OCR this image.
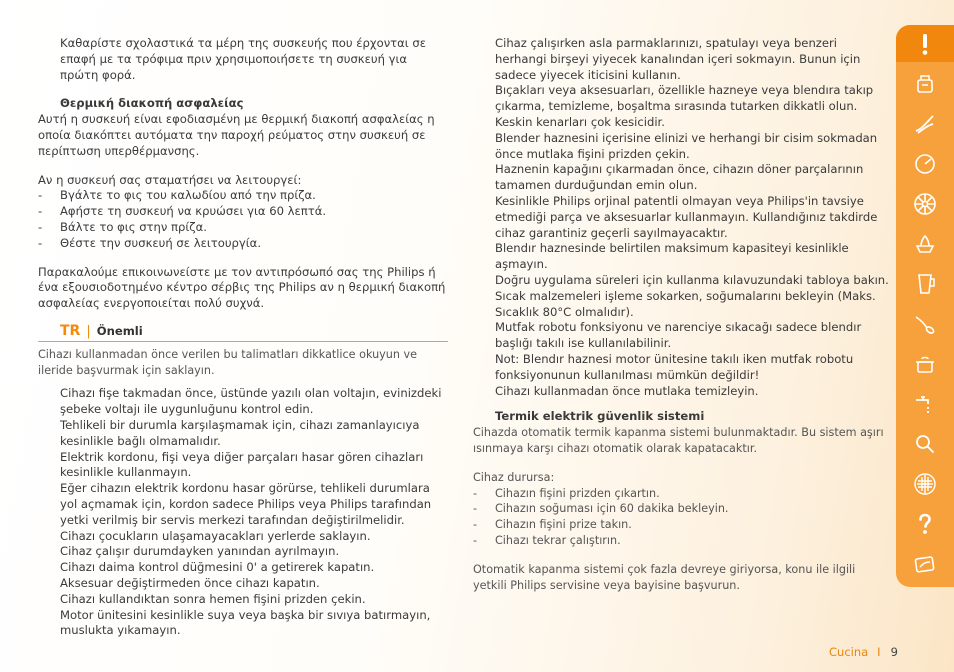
Καθαρίστε σχολαστικά τα μέρη της συσκευής που έρχονται σε επαφή με τα τρόφιμα πριν χρησιμοποιήσετε τη συσκευή για πρώτη φορά.

Θερμική διακοπή ασφαλείας

Αυτή η συσκευή είναι εφοδιασμένη με θερμική διακοπή ασφαλείας η οποία διακόπτει αυτόματα την παροχή ρεύματος στην συσκευή σε περίπτωση υπερθέρμανσης.

Αν η συσκευή σας σταματήσει να λειτουργεί:

-	Βγάλτε το φις του καλωδίου από την πρίζα.
-	Αφήστε τη συσκευή να κρυώσει για 60 λεπτά.
-	Βάλτε το φις στην πρίζα.
-	Θέστε την συσκευή σε λειτουργία.

Παρακαλούμε επικοινωνείστε με τον αντιπρόσωπό σας της Philips ή ένα εξουσιοδοτημένο κέντρο σέρβις της Philips αν η θερμική διακοπή ασφαλείας ενεργοποιείται πολύ συχνά.

TR | Önemli

Cihazı kullanmadan önce verilen bu talimatları dikkatlice okuyun ve ileride başvurmak için saklayın.

Cihazı fişe takmadan önce, üstünde yazılı olan voltajın, evinizdeki şebeke voltajı ile uygunluğunu kontrol edin.

Tehlikeli bir durumla karşılaşmamak için, cihazı zamanlayıcıya kesinlikle bağlı olmamalıdır.

Elektrik kordonu, fişi veya diğer parçaları hasar gören cihazları kesinlikle kullanmayın.

Eğer cihazın elektrik kordonu hasar görürse, tehlikeli durumlara yol açmamak için, kordon sadece Philips veya Philips tarafından yetki verilmiş bir servis merkezi tarafından değiştirilmelidir.

Cihazı çocukların ulaşamayacakları yerlerde saklayın.

Cihaz çalışır durumdayken yanından ayrılmayın.

Cihazı daima kontrol düğmesini 0' a getirerek kapatın.

Aksesuar değiştirmeden önce cihazı kapatın.

Cihazı kullandıktan sonra hemen fişini prizden çekin.

Motor ünitesini kesinlikle suya veya başka bir sıvıya batırmayın, muslukta yıkamayın.

Cihaz çalışırken asla parmaklarınızı, spatulayı veya benzeri herhangi birşeyi yiyecek kanalından içeri sokmayın. Bunun için sadece yiyecek iticisini kullanın.

Bıçakları veya aksesuarları, özellikle hazneye veya blendıra takıp çıkarma, temizleme, boşaltma sırasında tutarken dikkatli olun. Keskin kenarları çok kesicidir.

Blender haznesini içerisine elinizi ve herhangi bir cisim sokmadan önce mutlaka fişini prizden çekin.

Haznenin kapağını çıkarmadan önce, cihazın döner parçalarının tamamen durduğundan emin olun.

Kesinlikle Philips orjinal patentli olmayan veya Philips'in tavsiye etmediği parça ve aksesuarlar kullanmayın. Kullandığınız takdirde cihaz garantiniz geçerli sayılmayacaktır.

Blendır haznesinde belirtilen maksimum kapasiteyi kesinlikle aşmayın.

Doğru uygulama süreleri için kullanma kılavuzundaki tabloya bakın.

Sıcak malzemeleri işleme sokarken, soğumalarını bekleyin (Maks. Sıcaklık 80°C olmalıdır).

Mutfak robotu fonksiyonu ve narenciye sıkacağı sadece blendır başlığı takılı ise kullanılabilinir.

Not: Blendır haznesi motor ünitesine takılı iken mutfak robotu fonksiyonunun kullanılması mümkün değildir!

Cihazı kullanmadan önce mutlaka temizleyin.

Termik elektrik güvenlik sistemi

Cihazda otomatik termik kapanma sistemi bulunmaktadır. Bu sistem aşırı ısınmaya karşı cihazı otomatik olarak kapatacaktır.

Cihaz durursa:

-	Cihazın fişini prizden çıkartın.
-	Cihazın soğuması için 60 dakika bekleyin.
-	Cihazın fişini prize takın.
-	Cihazı tekrar çalıştırın.

Otomatik kapanma sistemi çok fazla devreye giriyorsa, konu ile ilgili yetkili Philips servisine veya bayisine başvurun.

Cucina I 9
